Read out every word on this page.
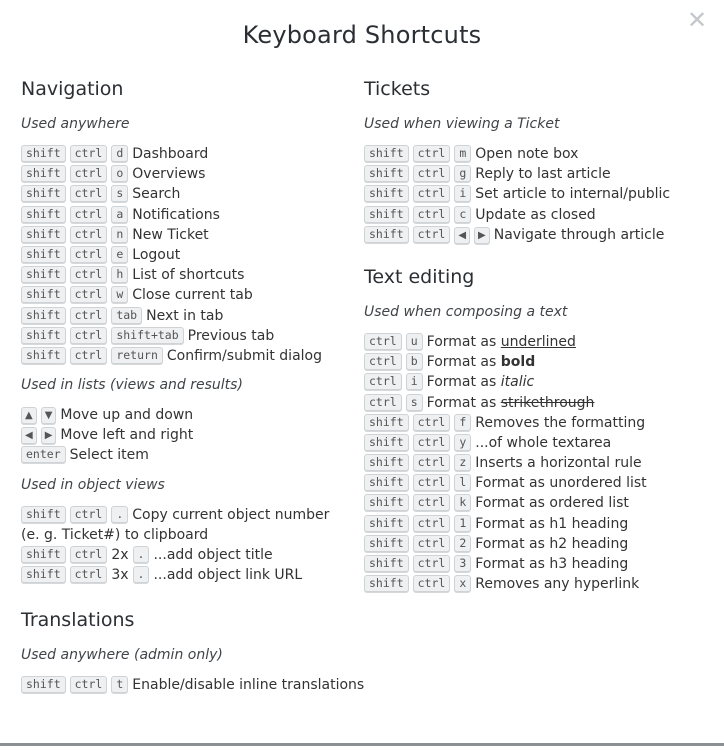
Keyboard Shortcuts
✕
Navigation
Used anywhere
shift ctrl d Dashboard
shift ctrl o Overviews
shift ctrl s Search
shift ctrl a Notifications
shift ctrl n New Ticket
shift ctrl e Logout
shift ctrl h List of shortcuts
shift ctrl w Close current tab
shift ctrl tab Next in tab
shift ctrl shift+tab Previous tab
shift ctrl return Confirm/submit dialog
Used in lists (views and results)
▲ ▼ Move up and down
◀ ▶ Move left and right
enter Select item
Used in object views
shift ctrl . Copy current object number (e. g. Ticket#) to clipboard
shift ctrl 2x . ...add object title
shift ctrl 3x . ...add object link URL
Translations
Used anywhere (admin only)
shift ctrl t Enable/disable inline translations
Tickets
Used when viewing a Ticket
shift ctrl m Open note box
shift ctrl g Reply to last article
shift ctrl i Set article to internal/public
shift ctrl c Update as closed
shift ctrl ◀ ▶ Navigate through article
Text editing
Used when composing a text
ctrl u Format as underlined
ctrl b Format as bold
ctrl i Format as italic
ctrl s Format as strikethrough
shift ctrl f Removes the formatting
shift ctrl y ...of whole textarea
shift ctrl z Inserts a horizontal rule
shift ctrl l Format as unordered list
shift ctrl k Format as ordered list
shift ctrl 1 Format as h1 heading
shift ctrl 2 Format as h2 heading
shift ctrl 3 Format as h3 heading
shift ctrl x Removes any hyperlink
